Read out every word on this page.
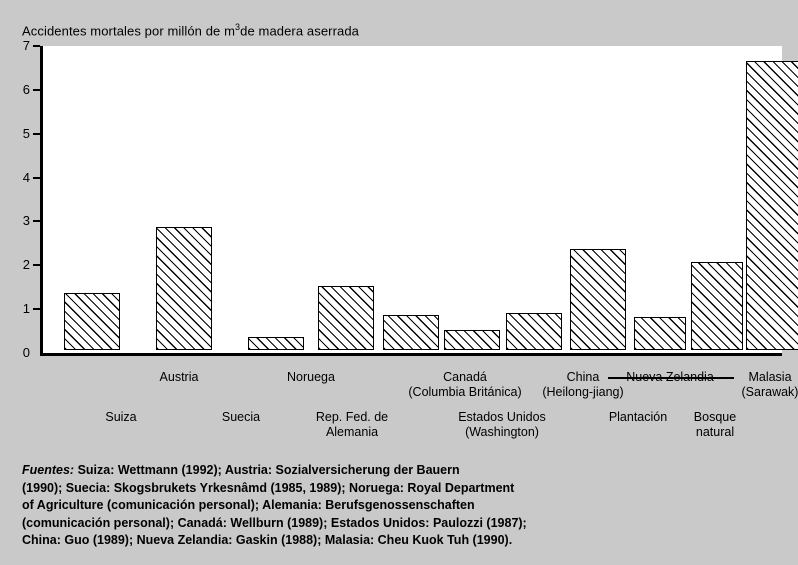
Accidentes mortales por millón de $m^3de$ madera aserrada
0
1
2
3
4
5
6
7
Suiza
Austria
Suecia	Rep. Fed. de
Alemania
Noruega	Canadá
(Columbia Británica)
Estados Unidos
(Washington)
China
(Heilong-jiang)
Plantación	Bosque
natural
Malasia
(Sarawak)
Fuentes: Suiza: Wettmann (1992); Austria: Sozialversicherung der Bauern
(1990); Suecia: Skogsbrukets Yrkesnâmd (1985, 1989); Noruega: Royal Department
of Agriculture (comunicación personal); Alemania: Berufsgenossenschaften
(comunicación personal); Canadá: Wellburn (1989); Estados Unidos: Paulozzi (1987);
China: Guo (1989); Nueva Zelandia: Gaskin (1988); Malasia: Cheu Kuok Tuh (1990).
